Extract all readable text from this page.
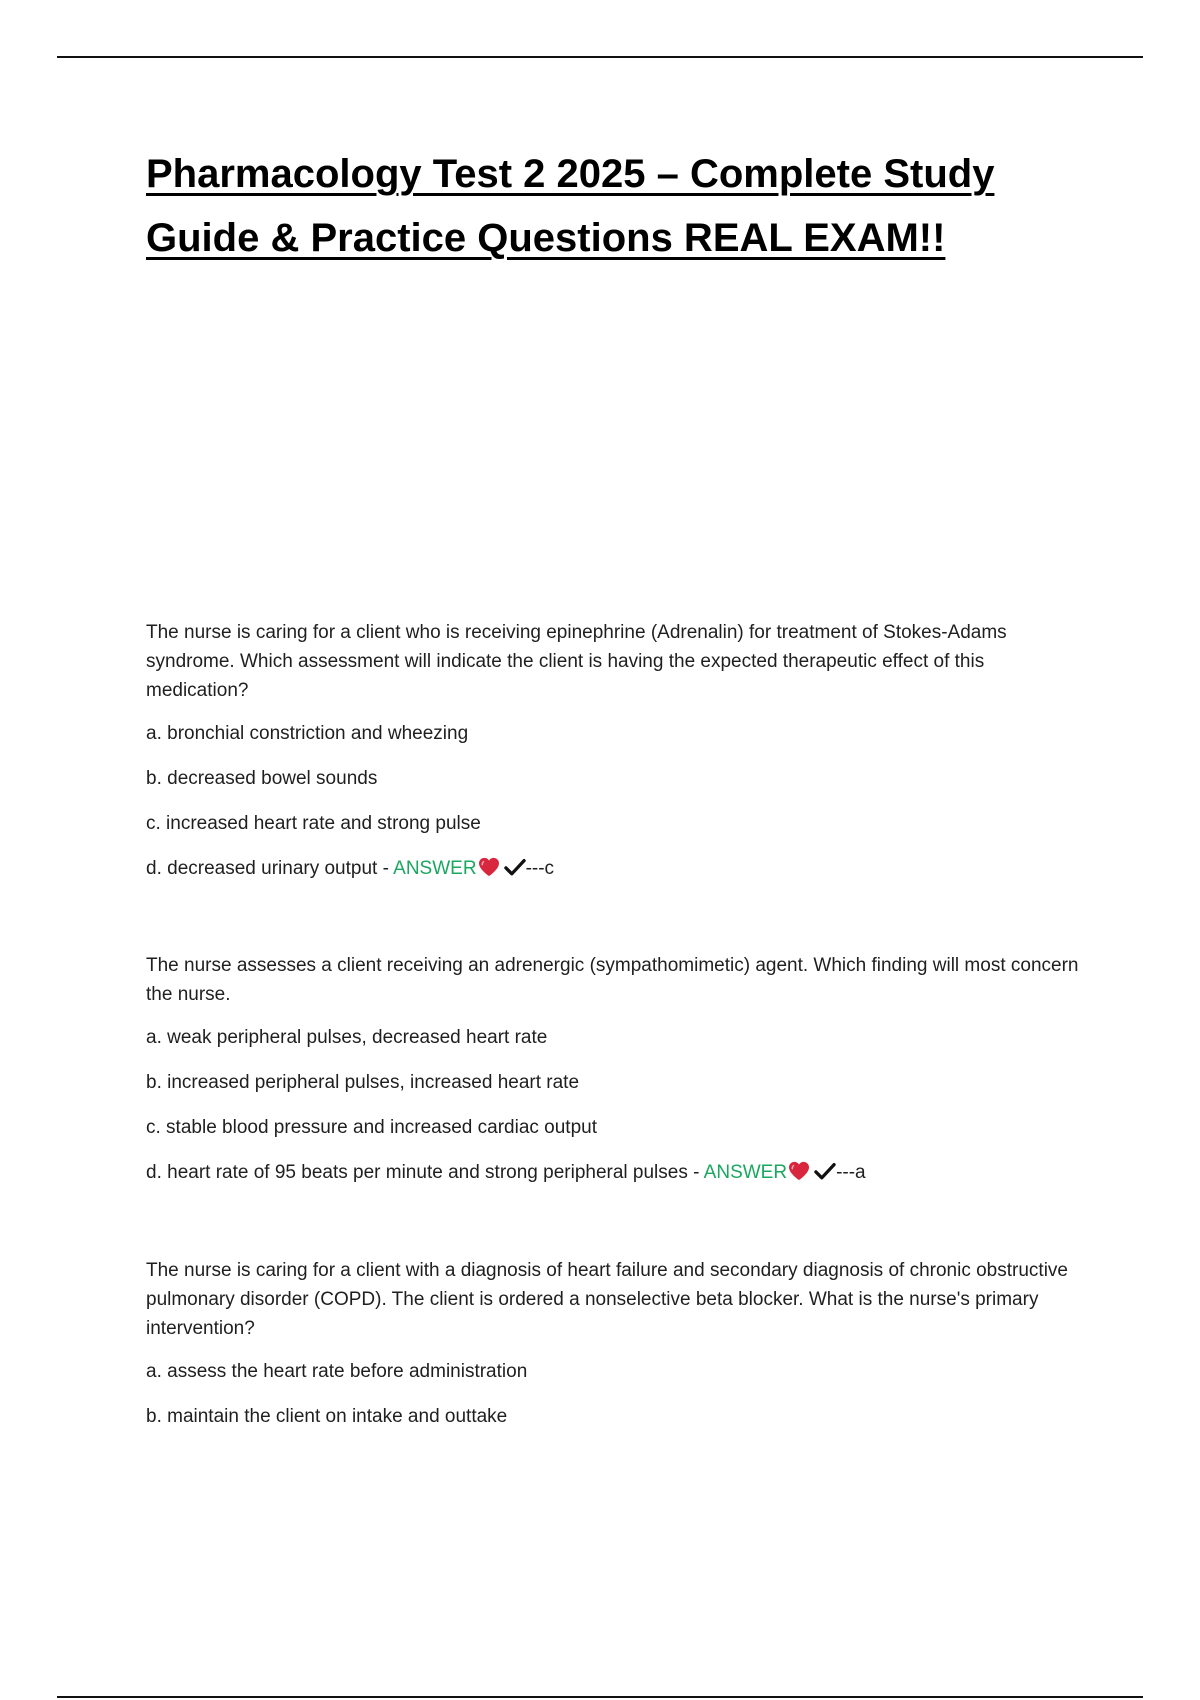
Pharmacology Test 2 2025 – Complete Study Guide & Practice Questions REAL EXAM!!

The nurse is caring for a client who is receiving epinephrine (Adrenalin) for treatment of Stokes-Adams syndrome. Which assessment will indicate the client is having the expected therapeutic effect of this medication?

a. bronchial constriction and wheezing

b. decreased bowel sounds

c. increased heart rate and strong pulse

d. decreased urinary output - ANSWER	---c

The nurse assesses a client receiving an adrenergic (sympathomimetic) agent. Which finding will most concern the nurse.

a. weak peripheral pulses, decreased heart rate

b. increased peripheral pulses, increased heart rate

c. stable blood pressure and increased cardiac output

d. heart rate of 95 beats per minute and strong peripheral pulses - ANSWER	---a

The nurse is caring for a client with a diagnosis of heart failure and secondary diagnosis of chronic obstructive pulmonary disorder (COPD). The client is ordered a nonselective beta blocker. What is the nurse's primary intervention?

a. assess the heart rate before administration

b. maintain the client on intake and outtake
